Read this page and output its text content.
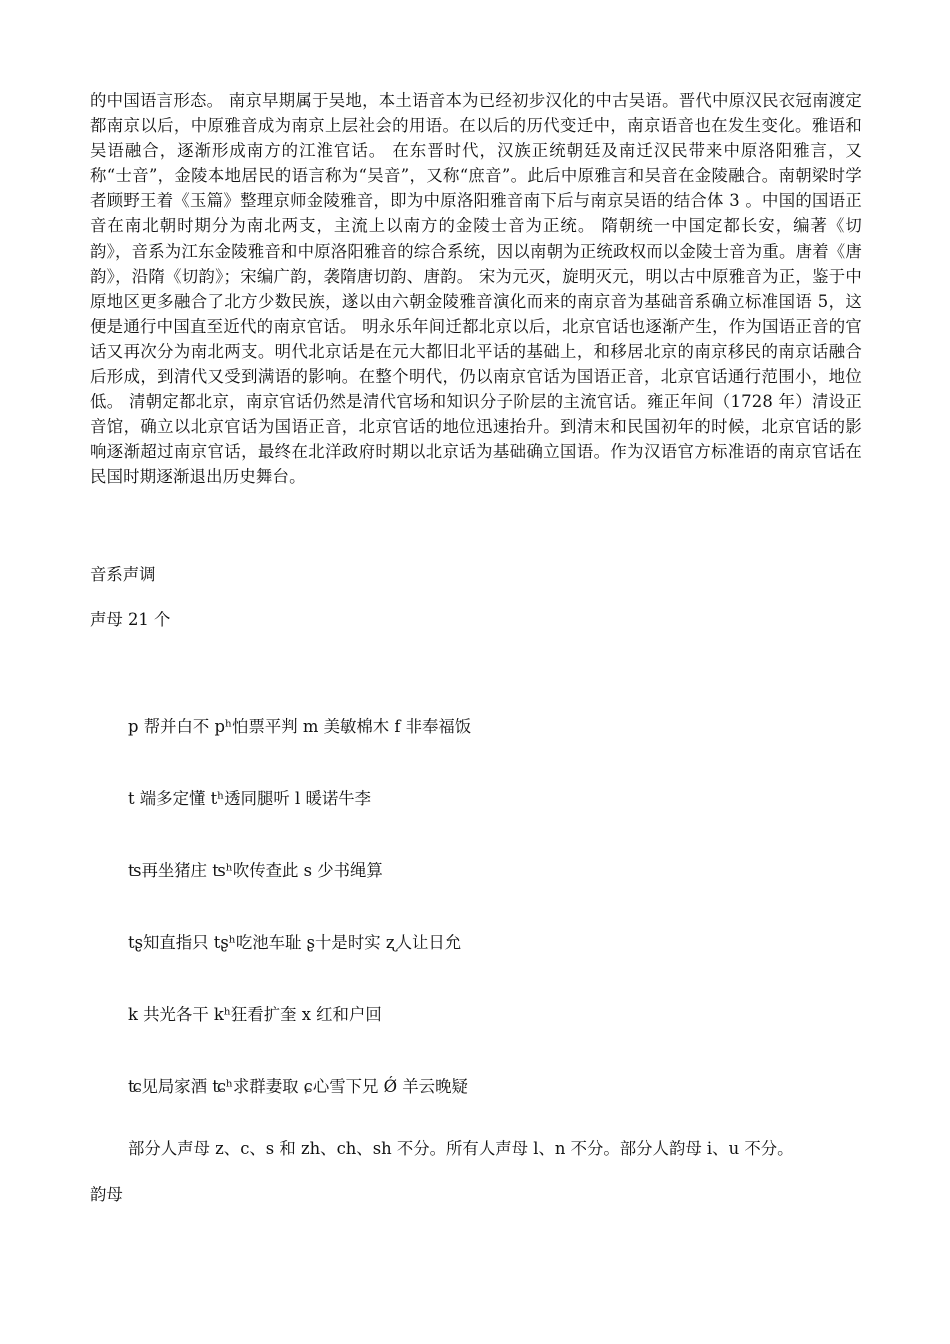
的中国语言形态。 南京早期属于吴地，本土语音本为已经初步汉化的中古吴语。晋代中原汉民衣冠南渡定都南京以后，中原雅音成为南京上层社会的用语。在以后的历代变迁中，南京语音也在发生变化。雅语和吴语融合，逐渐形成南方的江淮官话。 在东晋时代，汉族正统朝廷及南迁汉民带来中原洛阳雅言，又称“士音”，金陵本地居民的语言称为“吴音”，又称“庶音”。此后中原雅言和吴音在金陵融合。南朝梁时学者顾野王着《玉篇》整理京师金陵雅音，即为中原洛阳雅音南下后与南京吴语的结合体 3 。中国的国语正音在南北朝时期分为南北两支，主流上以南方的金陵士音为正统。 隋朝统一中国定都长安，编著《切韵》，音系为江东金陵雅音和中原洛阳雅音的综合系统，因以南朝为正统政权而以金陵士音为重。唐着《唐韵》，沿隋《切韵》；宋编广韵，袭隋唐切韵、唐韵。 宋为元灭，旋明灭元，明以古中原雅音为正，鉴于中原地区更多融合了北方少数民族，遂以由六朝金陵雅音演化而来的南京音为基础音系确立标准国语 5，这便是通行中国直至近代的南京官话。 明永乐年间迁都北京以后，北京官话也逐渐产生，作为国语正音的官话又再次分为南北两支。明代北京话是在元大都旧北平话的基础上，和移居北京的南京移民的南京话融合后形成，到清代又受到满语的影响。在整个明代，仍以南京官话为国语正音，北京官话通行范围小，地位低。 清朝定都北京，南京官话仍然是清代官场和知识分子阶层的主流官话。雍正年间（1728 年）清设正音馆，确立以北京官话为国语正音，北京官话的地位迅速抬升。到清末和民国初年的时候，北京官话的影响逐渐超过南京官话，最终在北洋政府时期以北京话为基础确立国语。作为汉语官方标准语的南京官话在民国时期逐渐退出历史舞台。

音系声调

声母 21 个

p 帮并白不 pʰ怕票平判 m 美敏棉木 f 非奉福饭

t 端多定懂 tʰ透同腿听 l 暖诺牛李

ʦ再坐猪庄 ʦʰ吹传查此 s 少书绳算

tʂ知直指只 tʂʰ吃池车耻 ʂ十是时实 ʐ人让日允

k 共光各干 kʰ狂看扩奎 x 红和户回

ʨ见局家酒 ʨʰ求群妻取 ɕ心雪下兄 Ǿ 羊云晚疑

部分人声母 z、c、s 和 zh、ch、sh 不分。所有人声母 l、n 不分。部分人韵母 i、u 不分。

韵母
